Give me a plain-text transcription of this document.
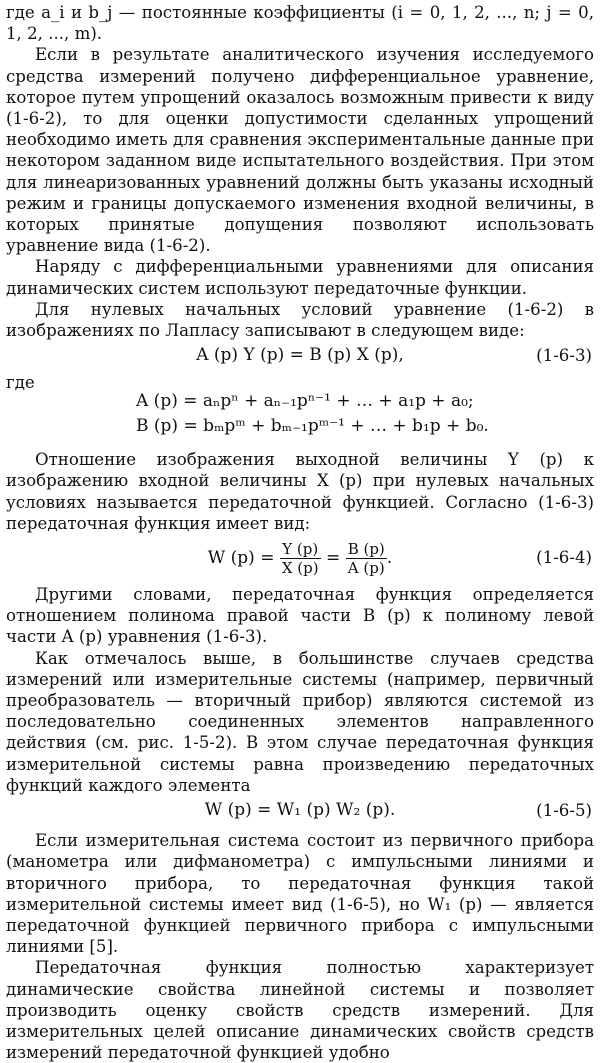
где a_i и b_j — постоянные коэффициенты (i = 0, 1, 2, ..., n; j = 0, 1, 2, ..., m).

Если в результате аналитического изучения исследуемого средства измерений получено дифференциальное уравнение, которое путем упрощений оказалось возможным привести к виду (1-6-2), то для оценки допустимости сделанных упрощений необходимо иметь для сравнения экспериментальные данные при некотором заданном виде испытательного воздействия. При этом для линеаризованных уравнений должны быть указаны исходный режим и границы допускаемого изменения входной величины, в которых принятые допущения позволяют использовать уравнение вида (1-6-2).

Наряду с дифференциальными уравнениями для описания динамических систем используют передаточные функции.

Для нулевых начальных условий уравнение (1-6-2) в изображениях по Лапласу записывают в следующем виде:

A (p) Y (p) = B (p) X (p),	(1-6-3)
где
A (p) = aₙpⁿ + aₙ₋₁pⁿ⁻¹ + … + a₁p + a₀;
B (p) = bₘpᵐ + bₘ₋₁pᵐ⁻¹ + … + b₁p + b₀.

Отношение изображения выходной величины Y (p) к изображению входной величины X (p) при нулевых начальных условиях называется передаточной функцией. Согласно (1-6-3) передаточная функция имеет вид:

W $(p) = \frac{Y (p)}{X (p)} = \frac{B (p)}{A (p)}$ .	(1-6-4)

Другими словами, передаточная функция определяется отношением полинома правой части B (p) к полиному левой части A (p) уравнения (1-6-3).

Как отмечалось выше, в большинстве случаев средства измерений или измерительные системы (например, первичный преобразователь — вторичный прибор) являются системой из последовательно соединенных элементов направленного действия (см. рис. 1-5-2). В этом случае передаточная функция измерительной системы равна произведению передаточных функций каждого элемента

W (p) = W₁ (p) W₂ (p).	(1-6-5)

Если измерительная система состоит из первичного прибора (манометра или дифманометра) с импульсными линиями и вторичного прибора, то передаточная функция такой измерительной системы имеет вид (1-6-5), но W₁ (p) — является передаточной функцией первичного прибора с импульсными линиями [5].

Передаточная функция полностью характеризует динамические свойства линейной системы и позволяет производить оценку свойств средств измерений. Для измерительных целей описание динамических свойств средств измерений передаточной функцией удобно
